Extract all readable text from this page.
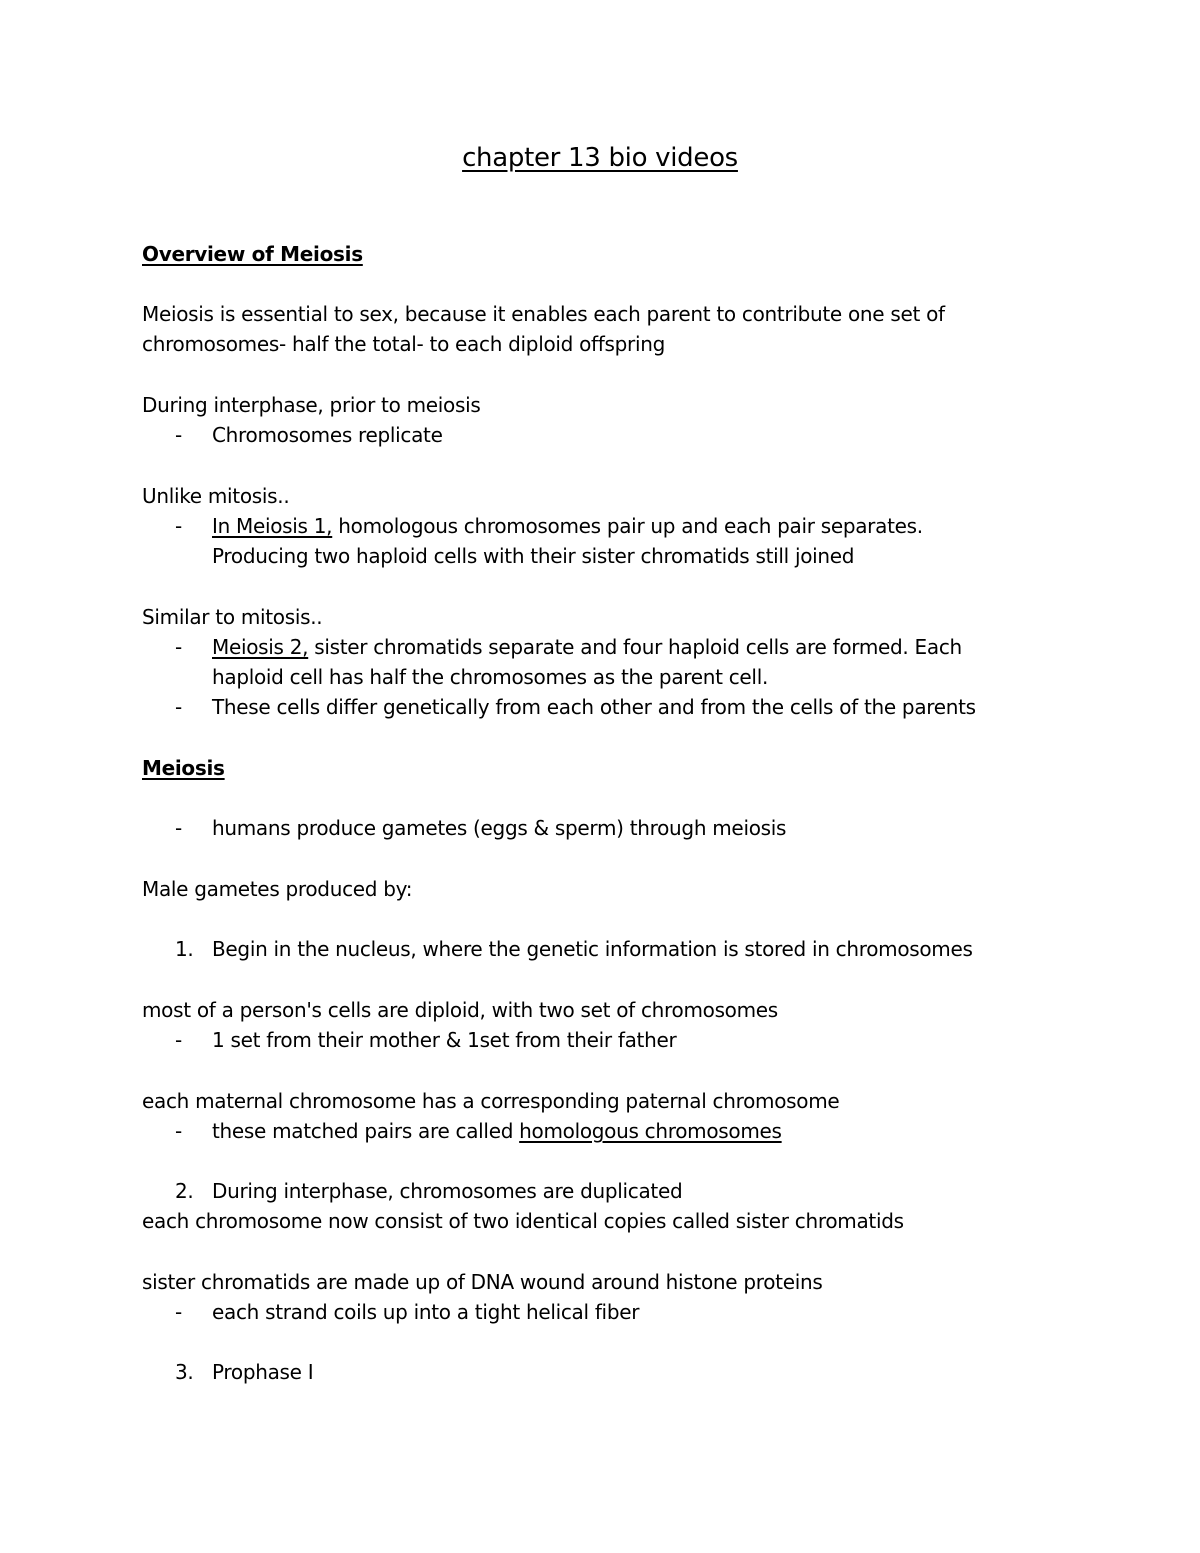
chapter 13 bio videos
Overview of Meiosis
Meiosis is essential to sex, because it enables each parent to contribute one set of
chromosomes- half the total- to each diploid offspring
During interphase, prior to meiosis
-	Chromosomes replicate
Unlike mitosis..
-	In Meiosis 1, homologous chromosomes pair up and each pair separates.
Producing two haploid cells with their sister chromatids still joined
Similar to mitosis..
-	Meiosis 2, sister chromatids separate and four haploid cells are formed. Each
haploid cell has half the chromosomes as the parent cell.
-	These cells differ genetically from each other and from the cells of the parents
Meiosis
-	humans produce gametes (eggs & sperm) through meiosis
Male gametes produced by:
1. Begin in the nucleus, where the genetic information is stored in chromosomes
most of a person's cells are diploid, with two set of chromosomes
-	1 set from their mother & 1set from their father
each maternal chromosome has a corresponding paternal chromosome
-	these matched pairs are called homologous chromosomes
2. During interphase, chromosomes are duplicated
each chromosome now consist of two identical copies called sister chromatids
sister chromatids are made up of DNA wound around histone proteins
-	each strand coils up into a tight helical fiber
3. Prophase I
